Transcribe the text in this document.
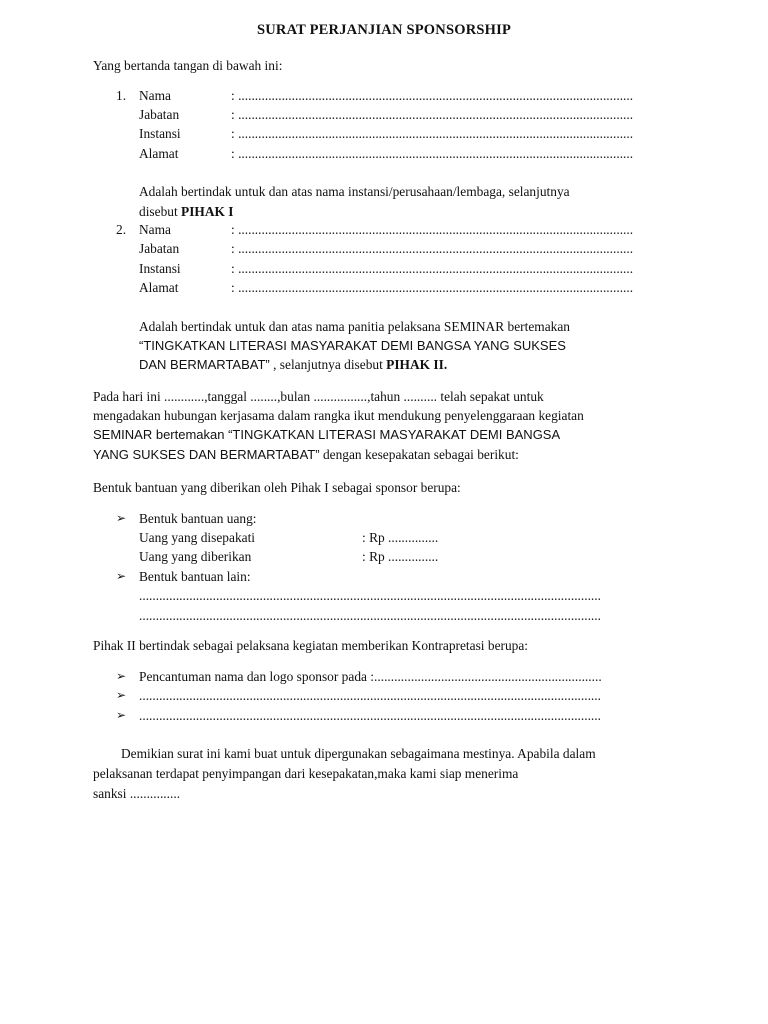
SURAT PERJANJIAN SPONSORSHIP
Yang bertanda tangan di bawah ini:
1. Nama	: ......................................................................................................................
Jabatan	: ......................................................................................................................
Instansi	: ......................................................................................................................
Alamat	: ......................................................................................................................
Adalah bertindak untuk dan atas nama instansi/perusahaan/lembaga, selanjutnya
disebut PIHAK I
2. Nama	: ......................................................................................................................
Jabatan	: ......................................................................................................................
Instansi	: ......................................................................................................................
Alamat	: ......................................................................................................................
Adalah bertindak untuk dan atas nama panitia pelaksana SEMINAR bertemakan
“TINGKATKAN LITERASI MASYARAKAT DEMI BANGSA YANG SUKSES
DAN BERMARTABAT” , selanjutnya disebut PIHAK II.
Pada hari ini ............,tanggal ........,bulan ................,tahun .......... telah sepakat untuk
mengadakan hubungan kerjasama dalam rangka ikut mendukung penyelenggaraan kegiatan
SEMINAR bertemakan “TINGKATKAN LITERASI MASYARAKAT DEMI BANGSA
YANG SUKSES DAN BERMARTABAT” dengan kesepakatan sebagai berikut:
Bentuk bantuan yang diberikan oleh Pihak I sebagai sponsor berupa:
➢ Bentuk bantuan uang:
Uang yang disepakati	: Rp ...............
Uang yang diberikan	: Rp ...............
➢ Bentuk bantuan lain:
..........................................................................................................................................
..........................................................................................................................................
Pihak II bertindak sebagai pelaksana kegiatan memberikan Kontrapretasi berupa:
➢ Pencantuman nama dan logo sponsor pada :....................................................................
➢ ..........................................................................................................................................
➢ ..........................................................................................................................................
Demikian surat ini kami buat untuk dipergunakan sebagaimana mestinya. Apabila dalam
pelaksanan terdapat penyimpangan dari kesepakatan,maka kami siap menerima
sanksi ...............
